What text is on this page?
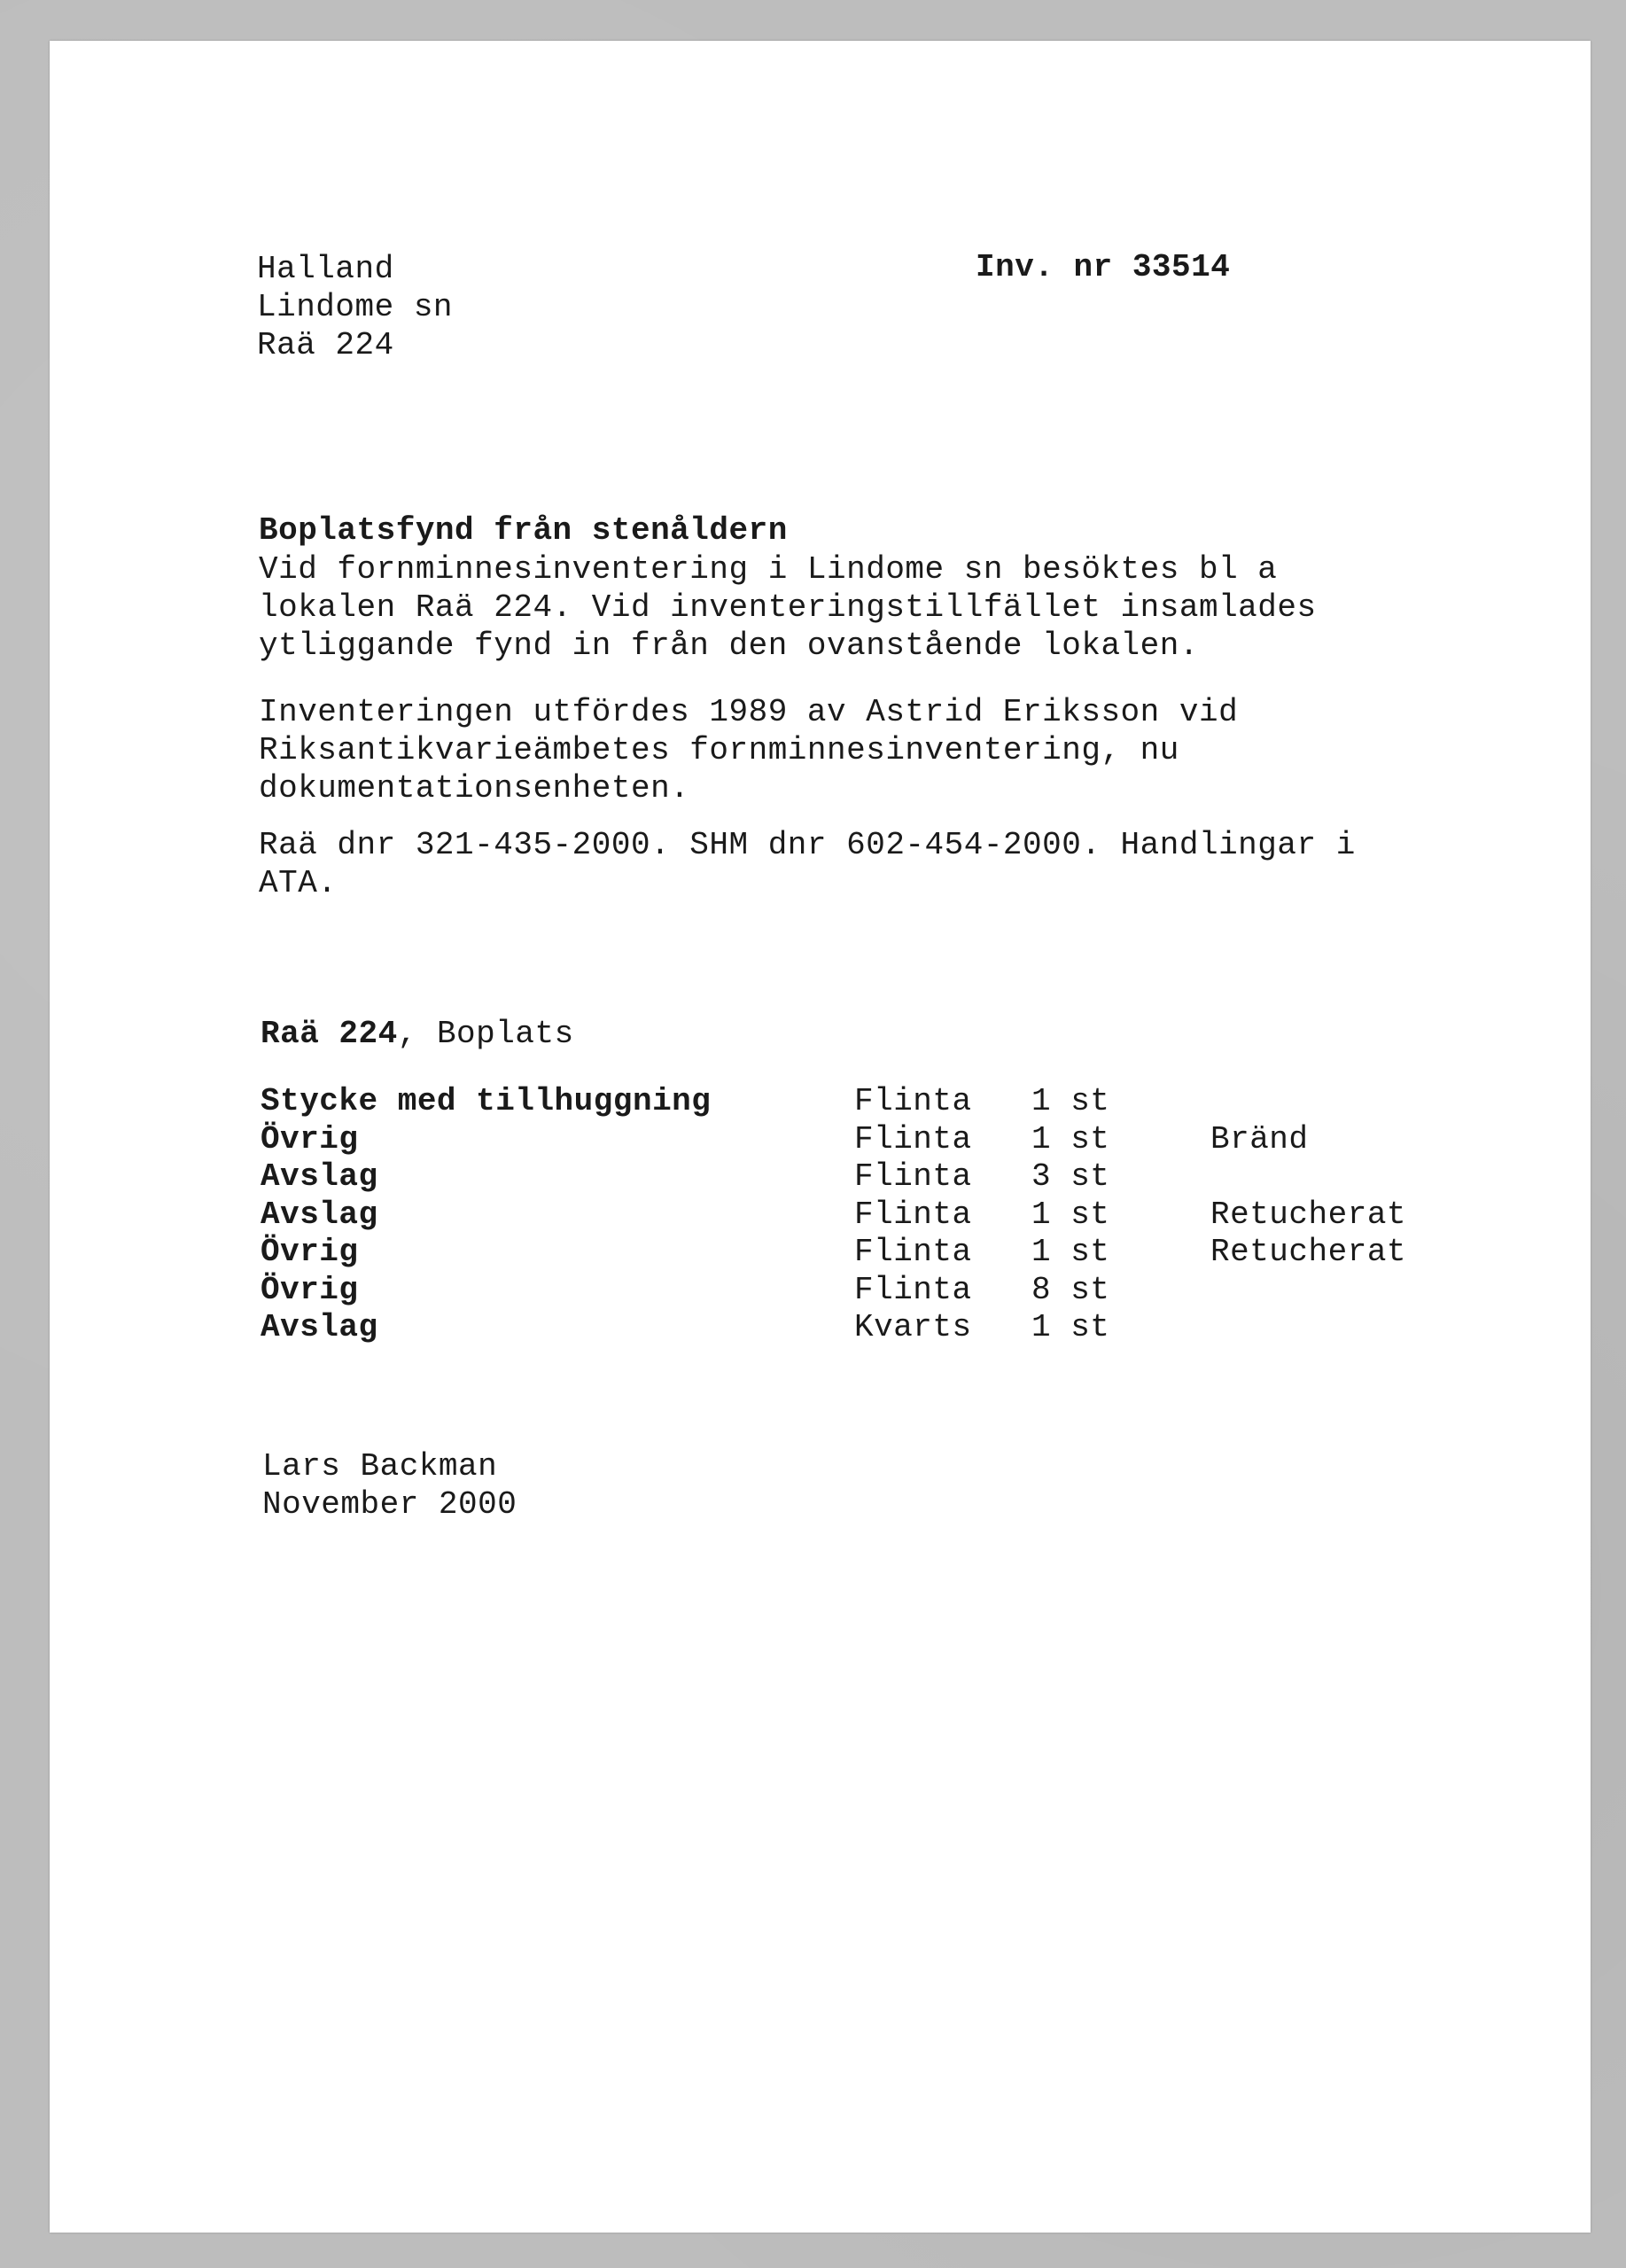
Halland
Lindome sn
Raä 224
Inv. nr 33514
Boplatsfynd från stenåldern
Vid fornminnesinventering i Lindome sn besöktes bl a
lokalen Raä 224. Vid inventeringstillfället insamlades
ytliggande fynd in från den ovanstående lokalen.
Inventeringen utfördes 1989 av Astrid Eriksson vid
Riksantikvarieämbetes fornminnesinventering, nu
dokumentationsenheten.
Raä dnr 321-435-2000. SHM dnr 602-454-2000. Handlingar i
ATA.
Raä 224, Boplats
Stycke med tillhuggning	Flinta 1 st
Övrig	Flinta 1 st	Bränd
Avslag	Flinta 3 st
Avslag	Flinta 1 st	Retucherat
Övrig	Flinta 1 st	Retucherat
Övrig	Flinta 8 st
Avslag	Kvarts 1 st
Lars Backman
November 2000
